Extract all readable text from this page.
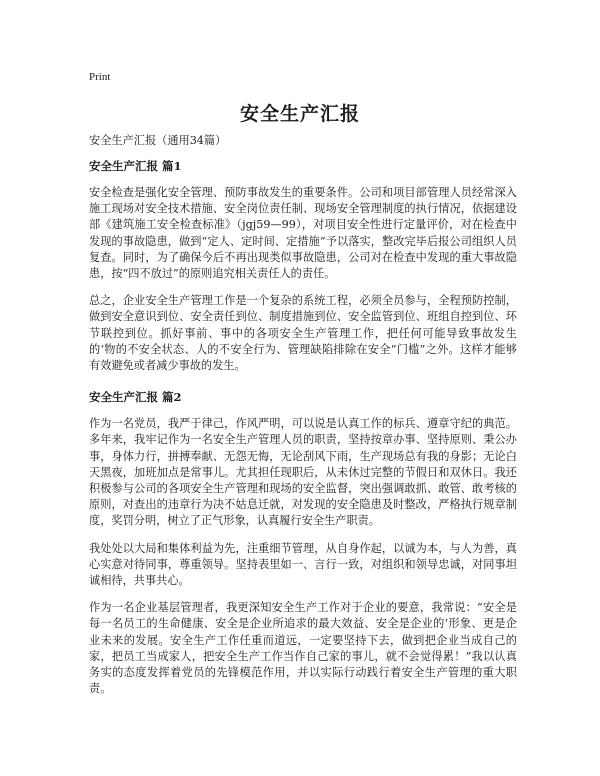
Print
安全生产汇报
安全生产汇报（通用34篇）
安全生产汇报 篇1

安全检查是强化安全管理、预防事故发生的重要条件。公司和项目部管理人员经常深入施工现场对安全技术措施、安全岗位责任制、现场安全管理制度的执行情况，依据建设部《建筑施工安全检查标准》（jgj59—99），对项目安全性进行定量评价，对在检查中发现的事故隐患，做到“定人、定时间、定措施”予以落实，整改完毕后报公司组织人员复查。同时，为了确保今后不再出现类似事故隐患，公司对在检查中发现的重大事故隐患，按“四不放过”的原则追究相关责任人的责任。

总之，企业安全生产管理工作是一个复杂的系统工程，必须全员参与，全程预防控制，做到安全意识到位、安全责任到位、制度措施到位、安全监管到位、班组自控到位、环节联控到位。抓好事前、事中的各项安全生产管理工作，把任何可能导致事故发生的‘物的不安全状态、人的不安全行为、管理缺陷排除在安全“门槛”之外。这样才能够有效避免或者减少事故的发生。

安全生产汇报 篇2

作为一名党员，我严于律己，作风严明，可以说是认真工作的标兵、遵章守纪的典范。多年来，我牢记作为一名安全生产管理人员的职责，坚持按章办事、坚持原则、秉公办事，身体力行，拼搏奉献、无怨无悔，无论刮风下雨，生产现场总有我的身影；无论白天黑夜，加班加点是常事儿。尤其担任现职后，从未休过完整的节假日和双休日。我还积极参与公司的各项安全生产管理和现场的安全监督，突出强调敢抓、敢管、敢考核的原则，对查出的违章行为决不姑息迁就，对发现的安全隐患及时整改，严格执行规章制度，奖罚分明，树立了正气形象，认真履行安全生产职责。

我处处以大局和集体利益为先，注重细节管理，从自身作起，以诚为本，与人为善，真心实意对待同事，尊重领导。坚持表里如一、言行一致，对组织和领导忠诚，对同事坦诚相待，共事共心。

作为一名企业基层管理者，我更深知安全生产工作对于企业的要意，我常说：“安全是每一名员工的生命健康、安全是企业所追求的最大效益、安全是企业的‘形象、更是企业未来的发展。安全生产工作任重而道远，一定要坚持下去，做到把企业当成自己的家，把员工当成家人，把安全生产工作当作自己家的事儿，就不会觉得累！”我以认真务实的态度发挥着党员的先锋模范作用，并以实际行动践行着安全生产管理的重大职责。
